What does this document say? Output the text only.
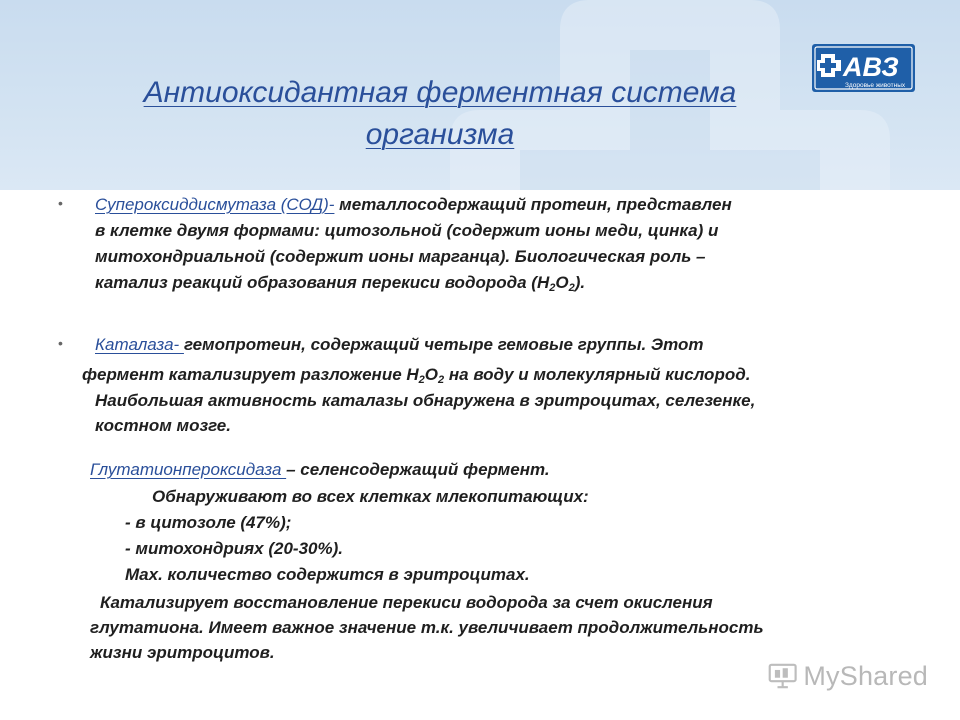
АВЗ
Здоровье животных
Антиоксидантная ферментная система
организма
• Супероксиддисмутаза (СОД)- металлосодержащий протеин, представлен
в клетке двумя формами: цитозольной (содержит ионы меди, цинка) и
митохондриальной (содержит ионы марганца). Биологическая роль –
катализ реакций образования перекиси водорода $(H_2O_2)$.
• Каталаза- гемопротеин, содержащий четыре гемовые группы. Этот
фермент катализирует разложение $H_2O_2$ на воду и молекулярный кислород.
Наибольшая активность каталазы обнаружена в эритроцитах, селезенке,
костном мозге.
Глутатионпероксидаза – селенсодержащий фермент.
Обнаруживают во всех клетках млекопитающих:
- в цитозоле (47%);
- митохондриях (20-30%).
Max. количество содержится в эритроцитах.
Катализирует восстановление перекиси водорода за счет окисления
глутатиона. Имеет важное значение т.к. увеличивает продолжительность
жизни эритроцитов.
MyShared
